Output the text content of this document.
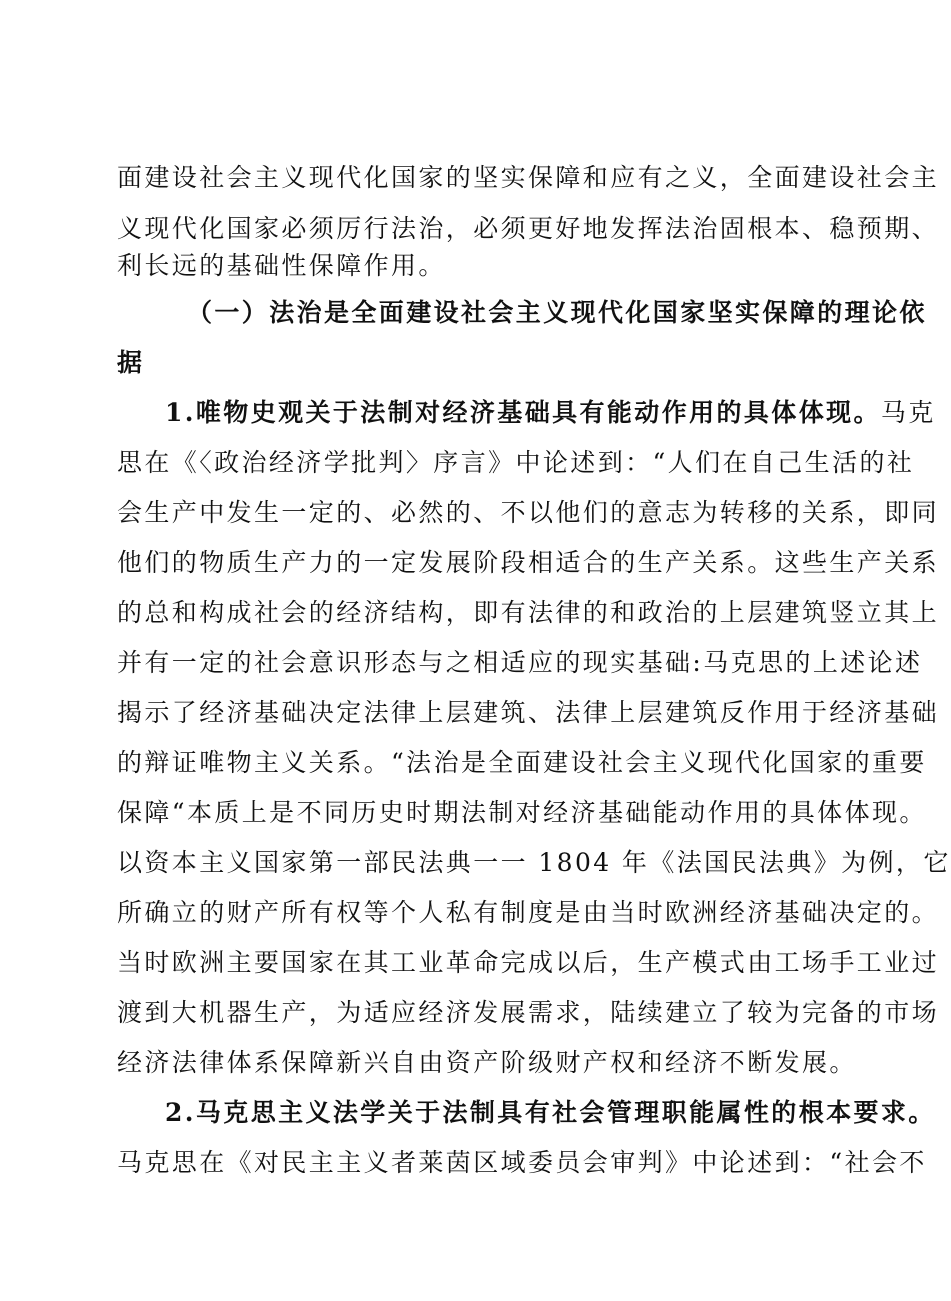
面建设社会主义现代化国家的坚实保障和应有之义，全面建设社会主
义现代化国家必须厉行法治，必须更好地发挥法治固根本、稳预期、
利长远的基础性保障作用。
（一）法治是全面建设社会主义现代化国家坚实保障的理论依
据
1.唯物史观关于法制对经济基础具有能动作用的具体体现。马克
思在《〈政治经济学批判〉序言》中论述到：“人们在自己生活的社
会生产中发生一定的、必然的、不以他们的意志为转移的关系，即同
他们的物质生产力的一定发展阶段相适合的生产关系。这些生产关系
的总和构成社会的经济结构，即有法律的和政治的上层建筑竖立其上
并有一定的社会意识形态与之相适应的现实基础:马克思的上述论述
揭示了经济基础决定法律上层建筑、法律上层建筑反作用于经济基础
的辩证唯物主义关系。“法治是全面建设社会主义现代化国家的重要
保障“本质上是不同历史时期法制对经济基础能动作用的具体体现。
以资本主义国家第一部民法典一一 1804 年《法国民法典》为例，它
所确立的财产所有权等个人私有制度是由当时欧洲经济基础决定的。
当时欧洲主要国家在其工业革命完成以后，生产模式由工场手工业过
渡到大机器生产，为适应经济发展需求，陆续建立了较为完备的市场
经济法律体系保障新兴自由资产阶级财产权和经济不断发展。
2.马克思主义法学关于法制具有社会管理职能属性的根本要求。
马克思在《对民主主义者莱茵区域委员会审判》中论述到：“社会不
